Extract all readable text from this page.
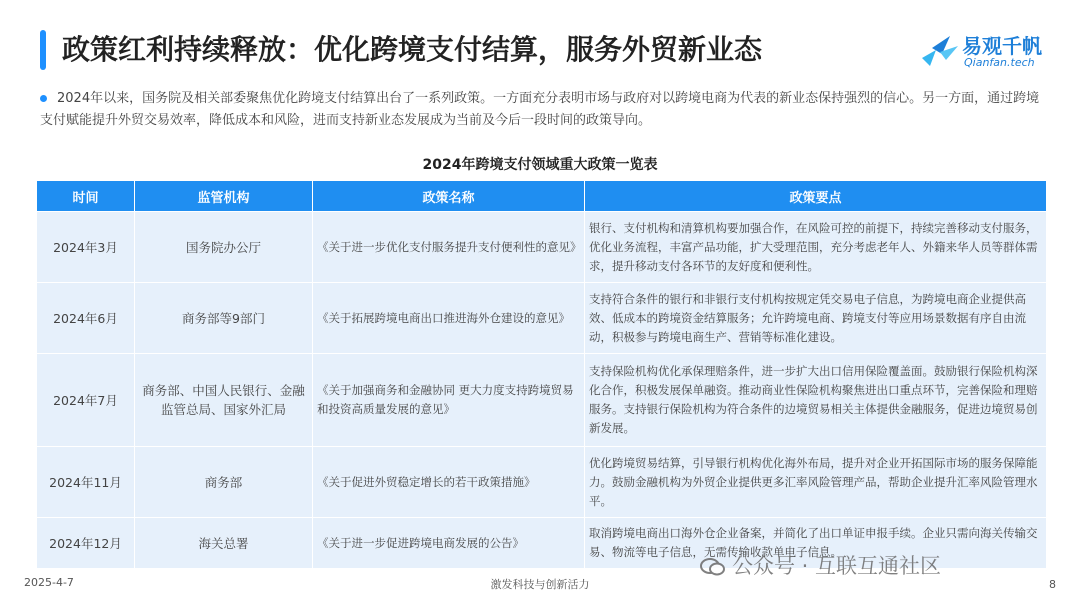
政策红利持续释放：优化跨境支付结算，服务外贸新业态	易观千帆
Qianfan.tech
2024年以来，国务院及相关部委聚焦优化跨境支付结算出台了一系列政策。一方面充分表明市场与政府对以跨境电商为代表的新业态保持强烈的信心。另一方面，通过跨境支付赋能提升外贸交易效率，降低成本和风险，进而支持新业态发展成为当前及今后一段时间的政策导向。
2024年跨境支付领域重大政策一览表
时间	监管机构	政策名称	政策要点
2024年3月	国务院办公厅	《关于进一步优化支付服务提升支付便利性的意见》	银行、支付机构和清算机构要加强合作，在风险可控的前提下，持续完善移动支付服务，优化业务流程，丰富产品功能，扩大受理范围，充分考虑老年人、外籍来华人员等群体需求，提升移动支付各环节的友好度和便利性。
2024年6月	商务部等9部门	《关于拓展跨境电商出口推进海外仓建设的意见》	支持符合条件的银行和非银行支付机构按规定凭交易电子信息，为跨境电商企业提供高效、低成本的跨境资金结算服务；允许跨境电商、跨境支付等应用场景数据有序自由流动，积极参与跨境电商生产、营销等标准化建设。
2024年7月	商务部、中国人民银行、金融监管总局、国家外汇局	《关于加强商务和金融协同 更大力度支持跨境贸易和投资高质量发展的意见》	支持保险机构优化承保理赔条件，进一步扩大出口信用保险覆盖面。鼓励银行保险机构深化合作，积极发展保单融资。推动商业性保险机构聚焦进出口重点环节，完善保险和理赔服务。支持银行保险机构为符合条件的边境贸易相关主体提供金融服务，促进边境贸易创新发展。
2024年11月	商务部	《关于促进外贸稳定增长的若干政策措施》	优化跨境贸易结算，引导银行机构优化海外布局，提升对企业开拓国际市场的服务保障能力。鼓励金融机构为外贸企业提供更多汇率风险管理产品，帮助企业提升汇率风险管理水平。
2024年12月	海关总署	《关于进一步促进跨境电商发展的公告》	取消跨境电商出口海外仓企业备案，并简化了出口单证申报手续。企业只需向海关传输交易、物流等电子信息，无需传输收款单电子信息。
2025-4-7	激发科技与创新活力	8
公众号 · 互联互通社区
